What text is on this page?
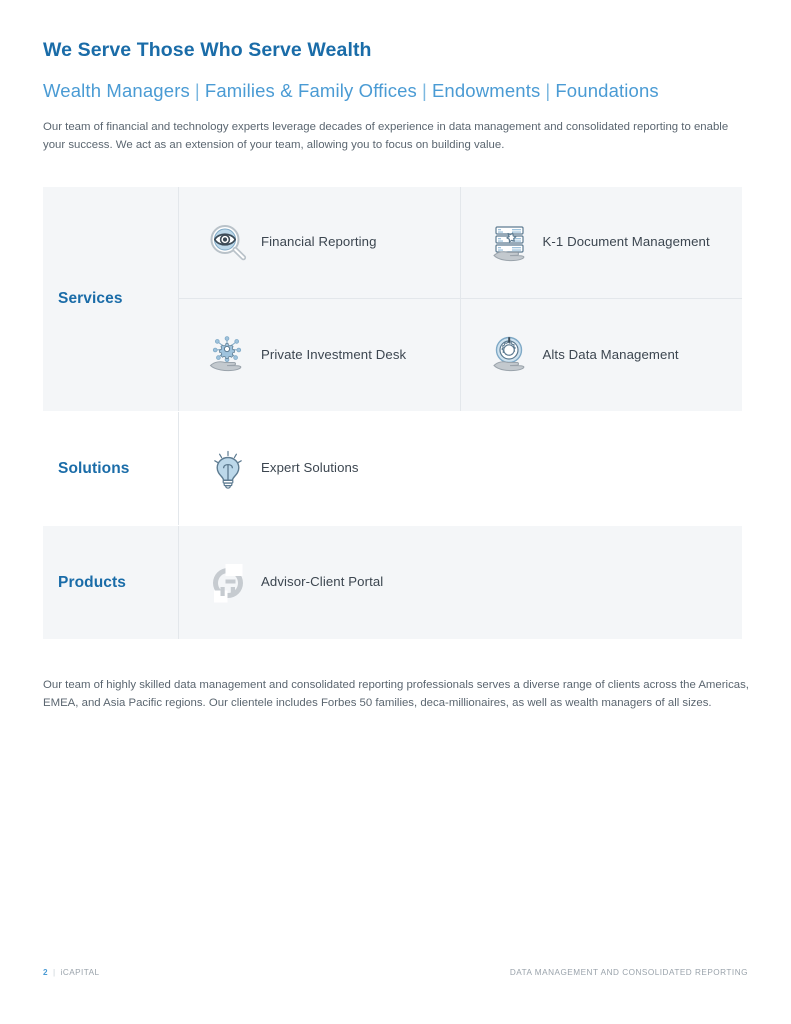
We Serve Those Who Serve Wealth
Wealth Managers | Families & Family Offices | Endowments | Foundations

Our team of financial and technology experts leverage decades of experience in data management and consolidated reporting to enable your success. We act as an extension of your team, allowing you to focus on building value.

Services
Financial Reporting	K-1 Document Management
Private Investment Desk	Alts Data Management
Solutions	Expert Solutions
Products	Advisor-Client Portal

Our team of highly skilled data management and consolidated reporting professionals serves a diverse range of clients across the Americas, EMEA, and Asia Pacific regions. Our clientele includes Forbes 50 families, deca-millionaires, as well as wealth managers of all sizes.

2 | iCAPITAL	DATA MANAGEMENT AND CONSOLIDATED REPORTING
